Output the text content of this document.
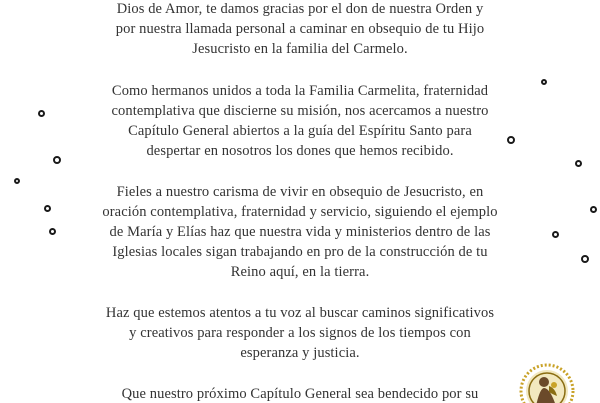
Dios de Amor, te damos gracias por el don de nuestra Orden y
por nuestra llamada personal a caminar en obsequio de tu Hijo
Jesucristo en la familia del Carmelo.
Como hermanos unidos a toda la Familia Carmelita, fraternidad
contemplativa que discierne su misión, nos acercamos a nuestro
Capítulo General abiertos a la guía del Espíritu Santo para
despertar en nosotros los dones que hemos recibido.
Fieles a nuestro carisma de vivir en obsequio de Jesucristo, en
oración contemplativa, fraternidad y servicio, siguiendo el ejemplo
de María y Elías haz que nuestra vida y ministerios dentro de las
Iglesias locales sigan trabajando en pro de la construcción de tu
Reino aquí, en la tierra.
Haz que estemos atentos a tu voz al buscar caminos significativos
y creativos para responder a los signos de los tiempos con
esperanza y justicia.
Que nuestro próximo Capítulo General sea bendecido por su
